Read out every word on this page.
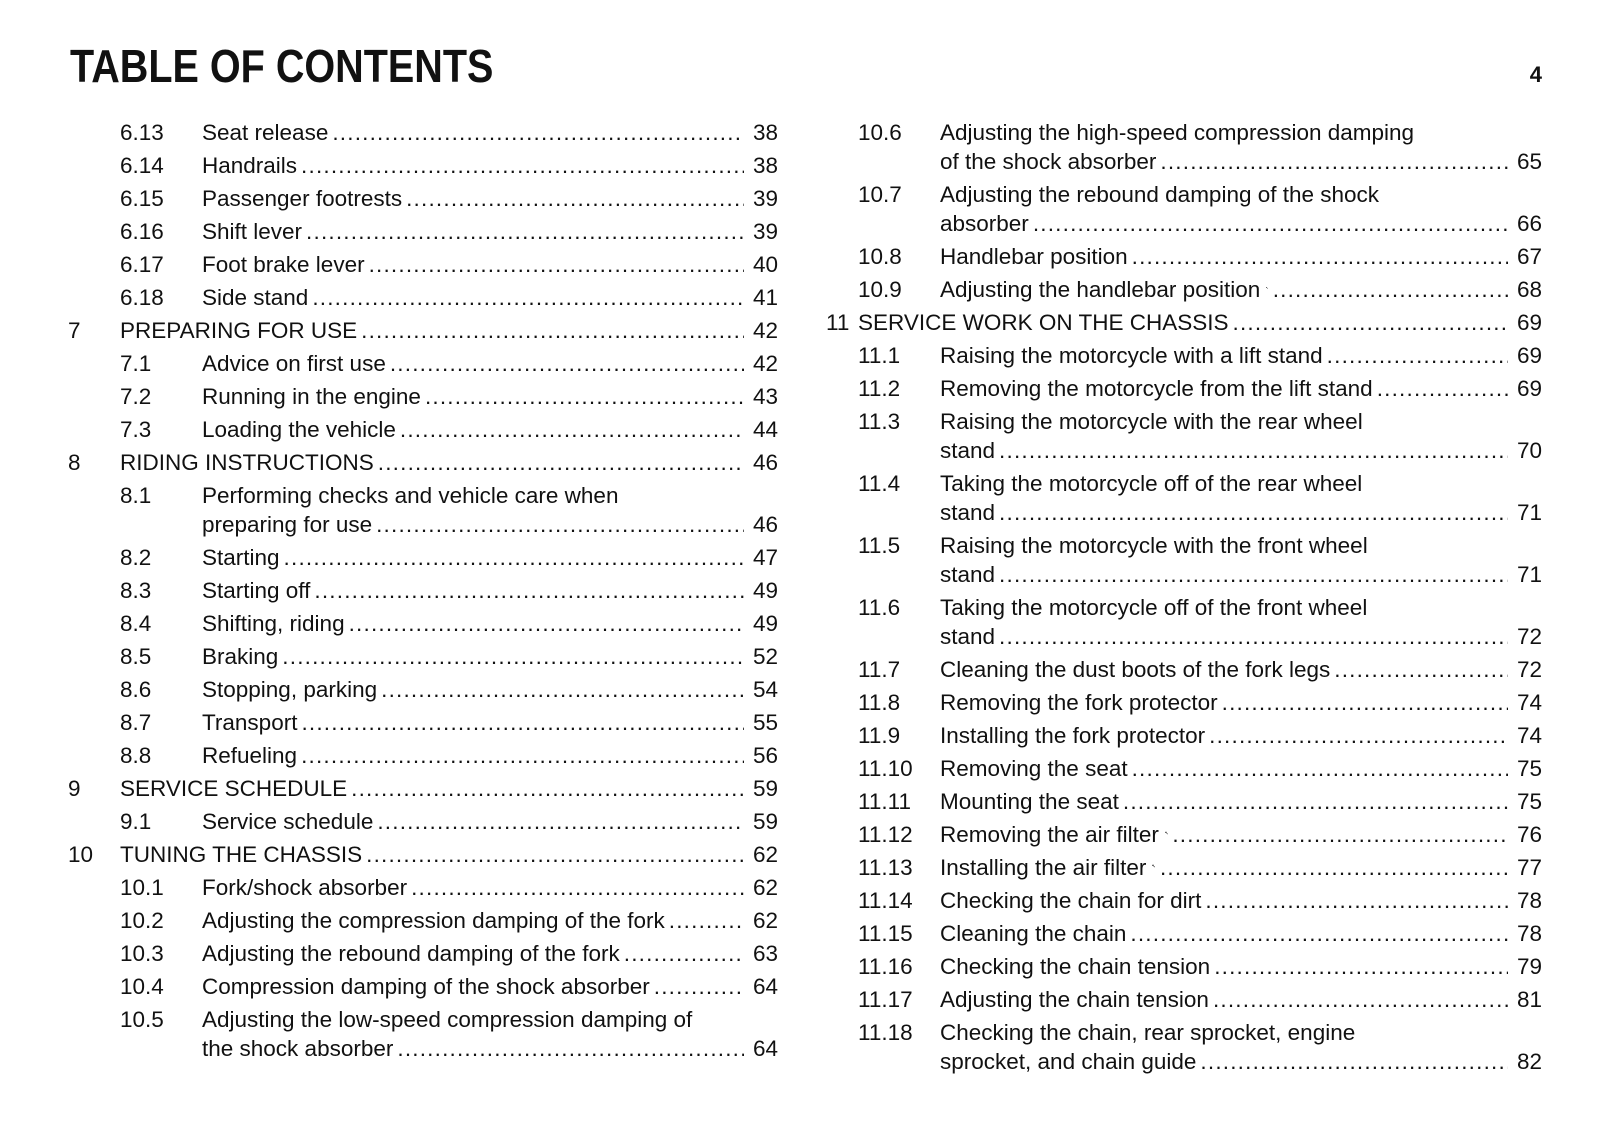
TABLE OF CONTENTS	4
6.13 Seat release .....	38
6.14 Handrails .....	38
6.15 Passenger footrests .....	39
6.16 Shift lever .....	39
6.17 Foot brake lever .....	40
6.18 Side stand .....	41
7 PREPARING FOR USE .....	42
7.1 Advice on first use .....	42
7.2 Running in the engine .....	43
7.3 Loading the vehicle .....	44
8 RIDING INSTRUCTIONS .....	46
8.1 Performing checks and vehicle care when
preparing for use .....	46
8.2 Starting .....	47
8.3 Starting off .....	49
8.4 Shifting, riding .....	49
8.5 Braking .....	52
8.6 Stopping, parking .....	54
8.7 Transport .....	55
8.8 Refueling .....	56
9 SERVICE SCHEDULE .....	59
9.1 Service schedule .....	59
10 TUNING THE CHASSIS .....	62
10.1 Fork/shock absorber .....	62
10.2 Adjusting the compression damping of the fork .....	62
10.3 Adjusting the rebound damping of the fork .....	63
10.4 Compression damping of the shock absorber .....	64
10.5 Adjusting the low-speed compression damping of
the shock absorber .....	64
10.6 Adjusting the high-speed compression damping
of the shock absorber .....	65
10.7 Adjusting the rebound damping of the shock
absorber .....	66
10.8 Handlebar position .....	67
10.9 Adjusting the handlebar position .....	68
11 SERVICE WORK ON THE CHASSIS .....	69
11.1 Raising the motorcycle with a lift stand .....	69
11.2 Removing the motorcycle from the lift stand .....	69
11.3 Raising the motorcycle with the rear wheel
stand .....	70
11.4 Taking the motorcycle off of the rear wheel
stand .....	71
11.5 Raising the motorcycle with the front wheel
stand .....	71
11.6 Taking the motorcycle off of the front wheel
stand .....	72
11.7 Cleaning the dust boots of the fork legs .....	72
11.8 Removing the fork protector .....	74
11.9 Installing the fork protector .....	74
11.10 Removing the seat .....	75
11.11 Mounting the seat .....	75
11.12 Removing the air filter .....	76
11.13 Installing the air filter .....	77
11.14 Checking the chain for dirt .....	78
11.15 Cleaning the chain .....	78
11.16 Checking the chain tension .....	79
11.17 Adjusting the chain tension .....	81
11.18 Checking the chain, rear sprocket, engine
sprocket, and chain guide .....	82
